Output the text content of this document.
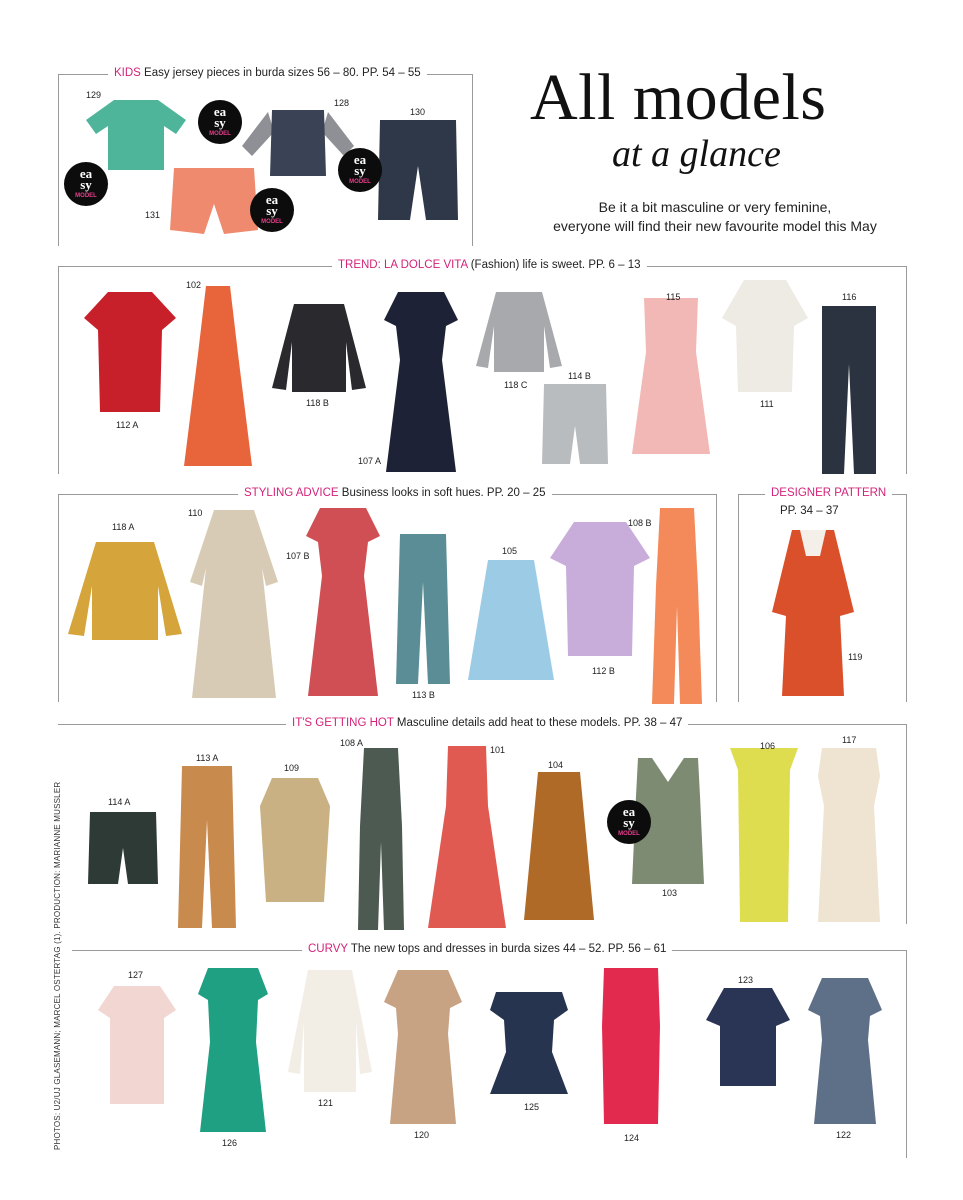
All models
at a glance
Be it a bit masculine or very feminine,
everyone will find their new favourite model this May
KIDS Easy jersey pieces in burda sizes 56 – 80. PP. 54 – 55
TREND: LA DOLCE VITA (Fashion) life is sweet. PP. 6 – 13
STYLING ADVICE Business looks in soft hues. PP. 20 – 25	DESIGNER PATTERN
PP. 34 – 37
IT'S GETTING HOT Masculine details add heat to these models. PP. 38 – 47
CURVY The new tops and dresses in burda sizes 44 – 52. PP. 56 – 61
129
128
130
131
ea
sy
MODEL
ea
sy
MODEL
ea
sy
MODEL
ea
sy
MODEL
112 A
102
118 B
107 A
118 C
114 B
115
111
116
118 A
110
107 B
113 B
105
112 B
108 B
119
ea
sy
MODEL
114 A
113 A
109
108 A
101
104
103
106
117
127
126
121
120
125
124
123
122
PHOTOS: U2/UJ GLASEMANN; MARCEL OSTERTAG (1). PRODUCTION: MARIANNE MUSSLER
